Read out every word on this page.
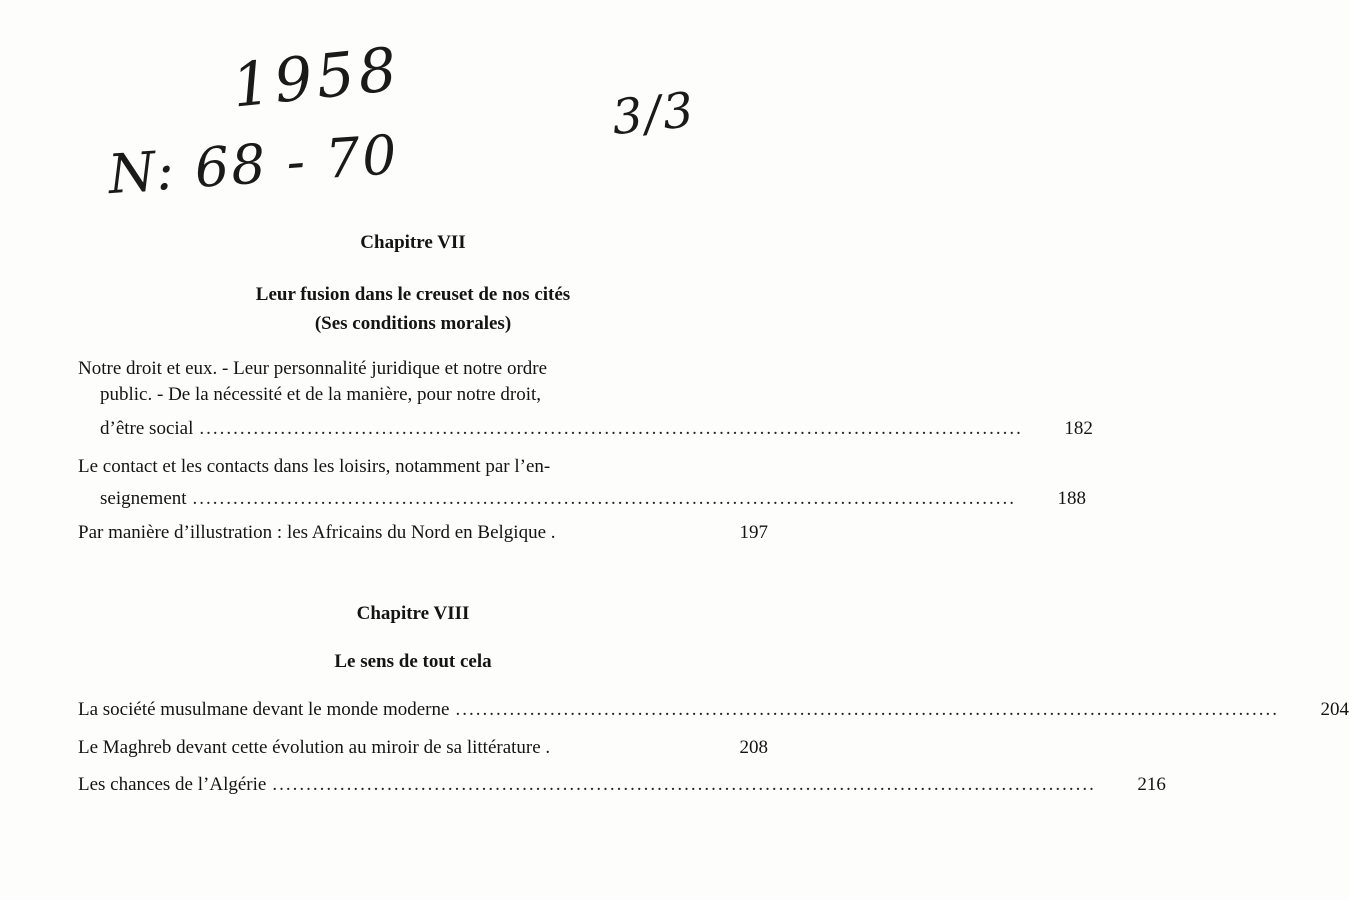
1958

N: 68 - 70

3/3

Chapitre VII
Leur fusion dans le creuset de nos cités
(Ses conditions morales)
Notre droit et eux. - Leur personnalité juridique et notre ordre
public. - De la nécessité et de la manière, pour notre droit,
d’être social ..........................................................................................................................	182
Le contact et les contacts dans les loisirs, notamment par l’en-
seignement ..........................................................................................................................	188
Par manière d’illustration : les Africains du Nord en Belgique .	197
Chapitre VIII
Le sens de tout cela
La société musulmane devant le monde moderne ..........................................................................................................................	204
Le Maghreb devant cette évolution au miroir de sa littérature .	208
Les chances de l’Algérie ..........................................................................................................................	216
